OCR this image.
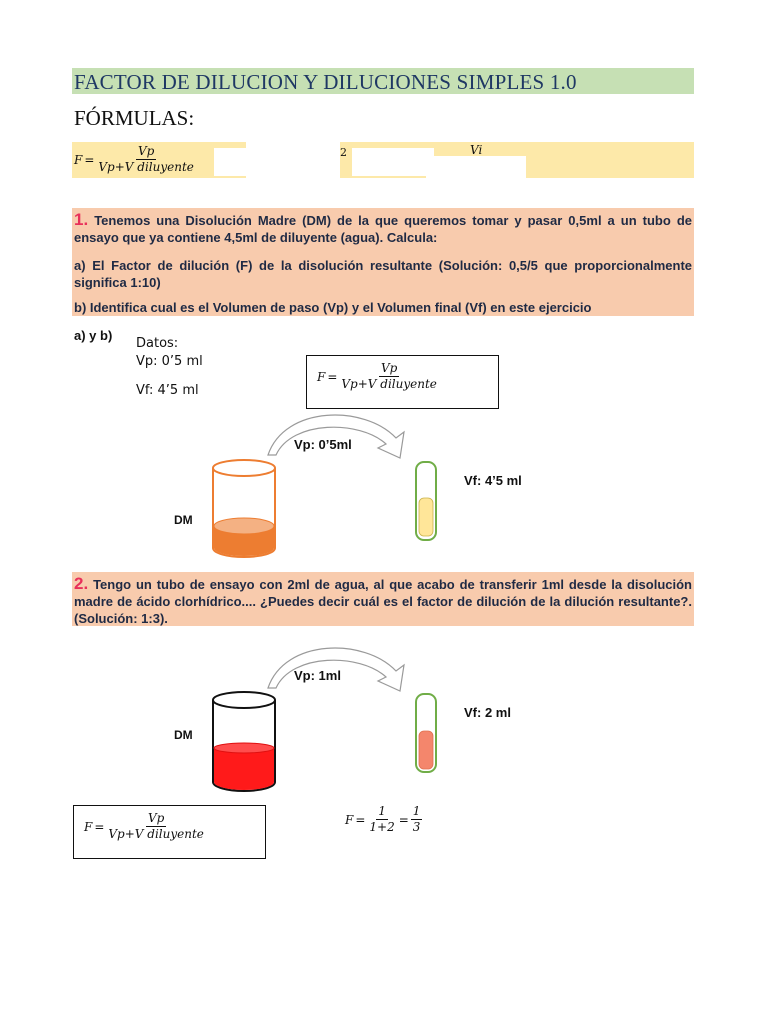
FACTOR DE DILUCION Y DILUCIONES SIMPLES 1.0
FÓRMULAS:
$F = \frac{Vp}{\text{Vp+V diluyente}}$	2	Vi
1. Tenemos una Disolución Madre (DM) de la que queremos tomar y pasar 0,5ml a un tubo de ensayo que ya contiene 4,5ml de diluyente (agua). Calcula:
a) El Factor de dilución (F) de la disolución resultante (Solución: 0,5/5 que proporcionalmente significa 1:10)
b) Identifica cual es el Volumen de paso (Vp) y el Volumen final (Vf) en este ejercicio
a) y b)
Datos:
Vp: 0’5 ml
Vf: 4’5 ml
$F = \frac{Vp}{\text{Vp+V diluyente}}$
Vp: 0’5ml
Vf: 4’5 ml
DM
2. Tengo un tubo de ensayo con 2ml de agua, al que acabo de transferir 1ml desde la disolución madre de ácido clorhídrico.... ¿Puedes decir cuál es el factor de dilución de la dilución resultante?. (Solución: 1:3).
Vp: 1ml
Vf: 2 ml
DM
$F = \frac{Vp}{\text{Vp+V diluyente}}$	$F = \frac{1}{1+2} = \frac{1}{3}$
